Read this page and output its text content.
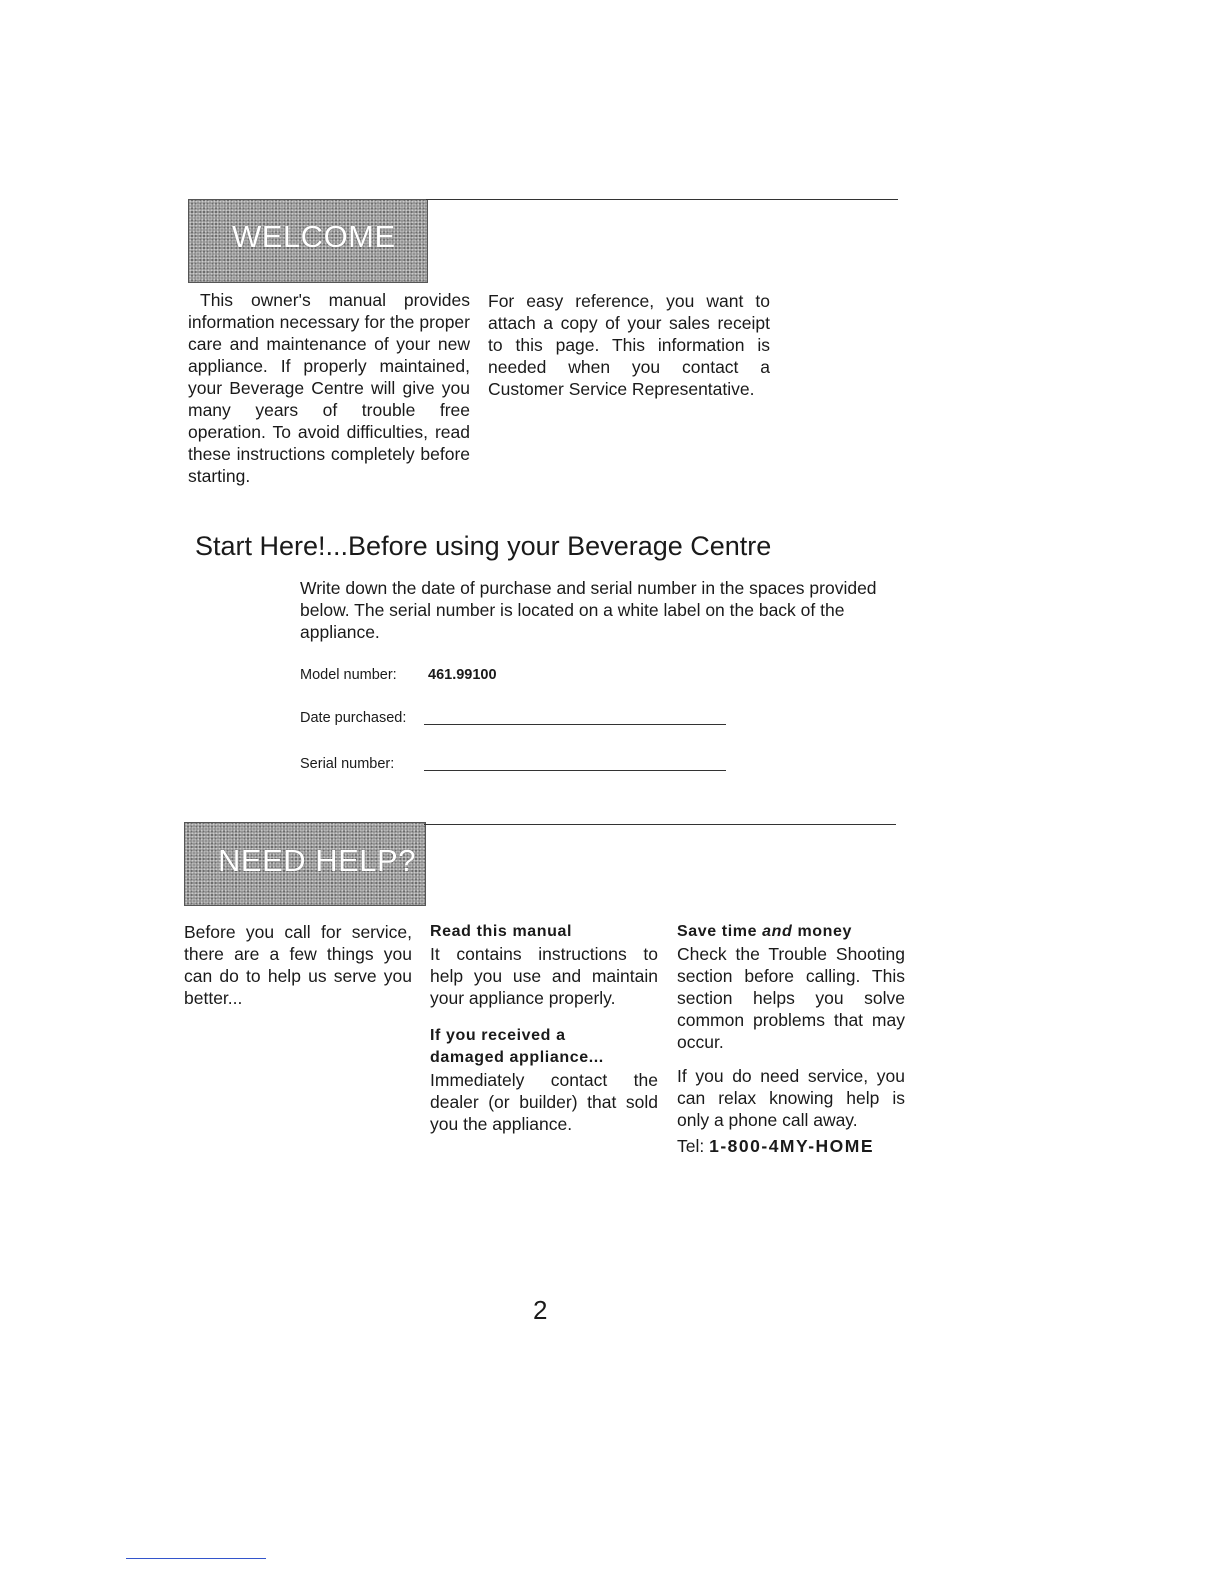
WELCOME

This owner's manual provides information necessary for the proper care and maintenance of your new appliance. If properly maintained, your Beverage Centre will give you many years of trouble free operation. To avoid difficulties, read these instructions completely before starting.

For easy reference, you want to attach a copy of your sales receipt to this page. This information is needed when you contact a Customer Service Representative.

Start Here!...Before using your Beverage Centre

Write down the date of purchase and serial number in the spaces provided below. The serial number is located on a white label on the back of the appliance.

Model number: 461.99100
Date purchased:
Serial number:
NEED HELP?

Before you call for service, there are a few things you can do to help us serve you better...

Read this manual

It contains instructions to help you use and maintain your appliance properly.

If you received a damaged appliance...

Immediately contact the dealer (or builder) that sold you the appliance.

Save time and money

Check the Trouble Shooting section before calling. This section helps you solve common problems that may occur.

If you do need service, you can relax knowing help is only a phone call away.

Tel: 1-800-4MY-HOME

2
